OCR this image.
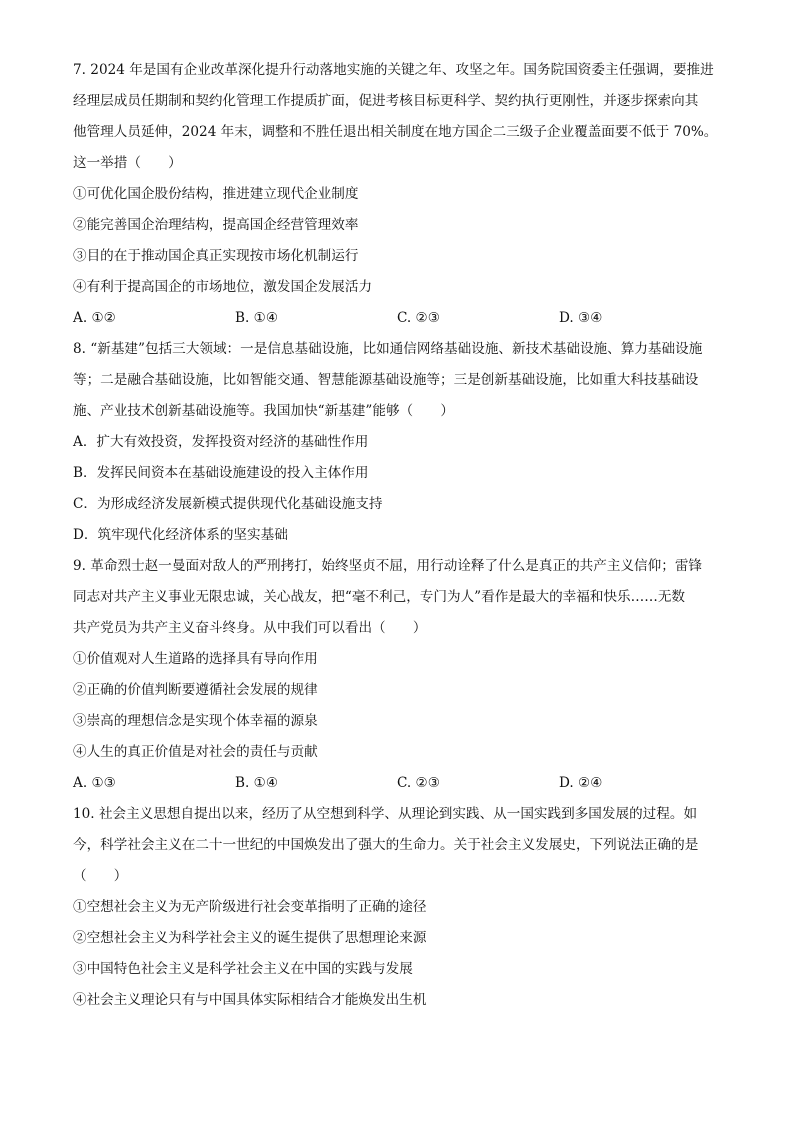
7. 2024 年是国有企业改革深化提升行动落地实施的关键之年、攻坚之年。国务院国资委主任强调，要推进

经理层成员任期制和契约化管理工作提质扩面，促进考核目标更科学、契约执行更刚性，并逐步探索向其

他管理人员延伸，2024 年末，调整和不胜任退出相关制度在地方国企二三级子企业覆盖面要不低于 70%。

这一举措（　　）

①可优化国企股份结构，推进建立现代企业制度

②能完善国企治理结构，提高国企经营管理效率

③目的在于推动国企真正实现按市场化机制运行

④有利于提高国企的市场地位，激发国企发展活力

A. ①②	B. ①④	C. ②③	D. ③④

8. “新基建”包括三大领域：一是信息基础设施，比如通信网络基础设施、新技术基础设施、算力基础设施

等；二是融合基础设施，比如智能交通、智慧能源基础设施等；三是创新基础设施，比如重大科技基础设

施、产业技术创新基础设施等。我国加快“新基建”能够（　　）

A．扩大有效投资，发挥投资对经济的基础性作用

B．发挥民间资本在基础设施建设的投入主体作用

C．为形成经济发展新模式提供现代化基础设施支持

D．筑牢现代化经济体系的坚实基础

9. 革命烈士赵一曼面对敌人的严刑拷打，始终坚贞不屈，用行动诠释了什么是真正的共产主义信仰；雷锋

同志对共产主义事业无限忠诚，关心战友，把“毫不利己，专门为人”看作是最大的幸福和快乐……无数

共产党员为共产主义奋斗终身。从中我们可以看出（　　）

①价值观对人生道路的选择具有导向作用

②正确的价值判断要遵循社会发展的规律

③崇高的理想信念是实现个体幸福的源泉

④人生的真正价值是对社会的责任与贡献

A. ①③	B. ①④	C. ②③	D. ②④

10. 社会主义思想自提出以来，经历了从空想到科学、从理论到实践、从一国实践到多国发展的过程。如

今，科学社会主义在二十一世纪的中国焕发出了强大的生命力。关于社会主义发展史，下列说法正确的是

（　　）

①空想社会主义为无产阶级进行社会变革指明了正确的途径

②空想社会主义为科学社会主义的诞生提供了思想理论来源

③中国特色社会主义是科学社会主义在中国的实践与发展

④社会主义理论只有与中国具体实际相结合才能焕发出生机
